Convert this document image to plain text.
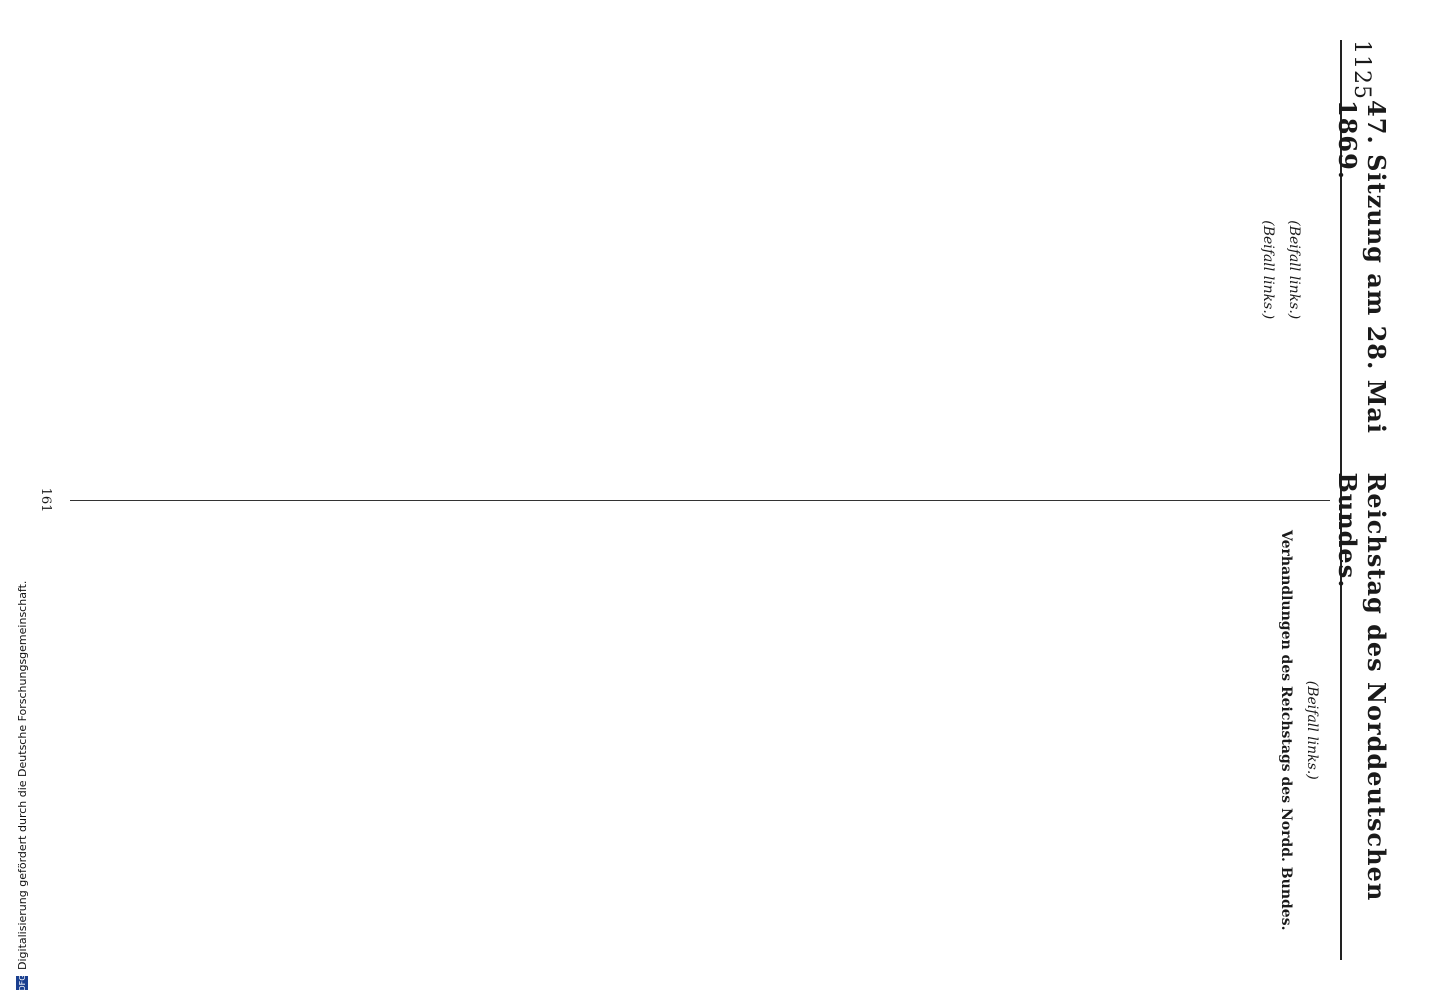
1125
47. Sitzung am 28. Mai 1869.
Reichstag des Norddeutschen Bundes.

(Beifall links.)
(Beifall links.)
(Beifall links.)
Verhandlungen des Reichstags des Nordd. Bundes.
161
DFG
Digitalisierung gefördert durch die Deutsche Forschungsgemeinschaft.
